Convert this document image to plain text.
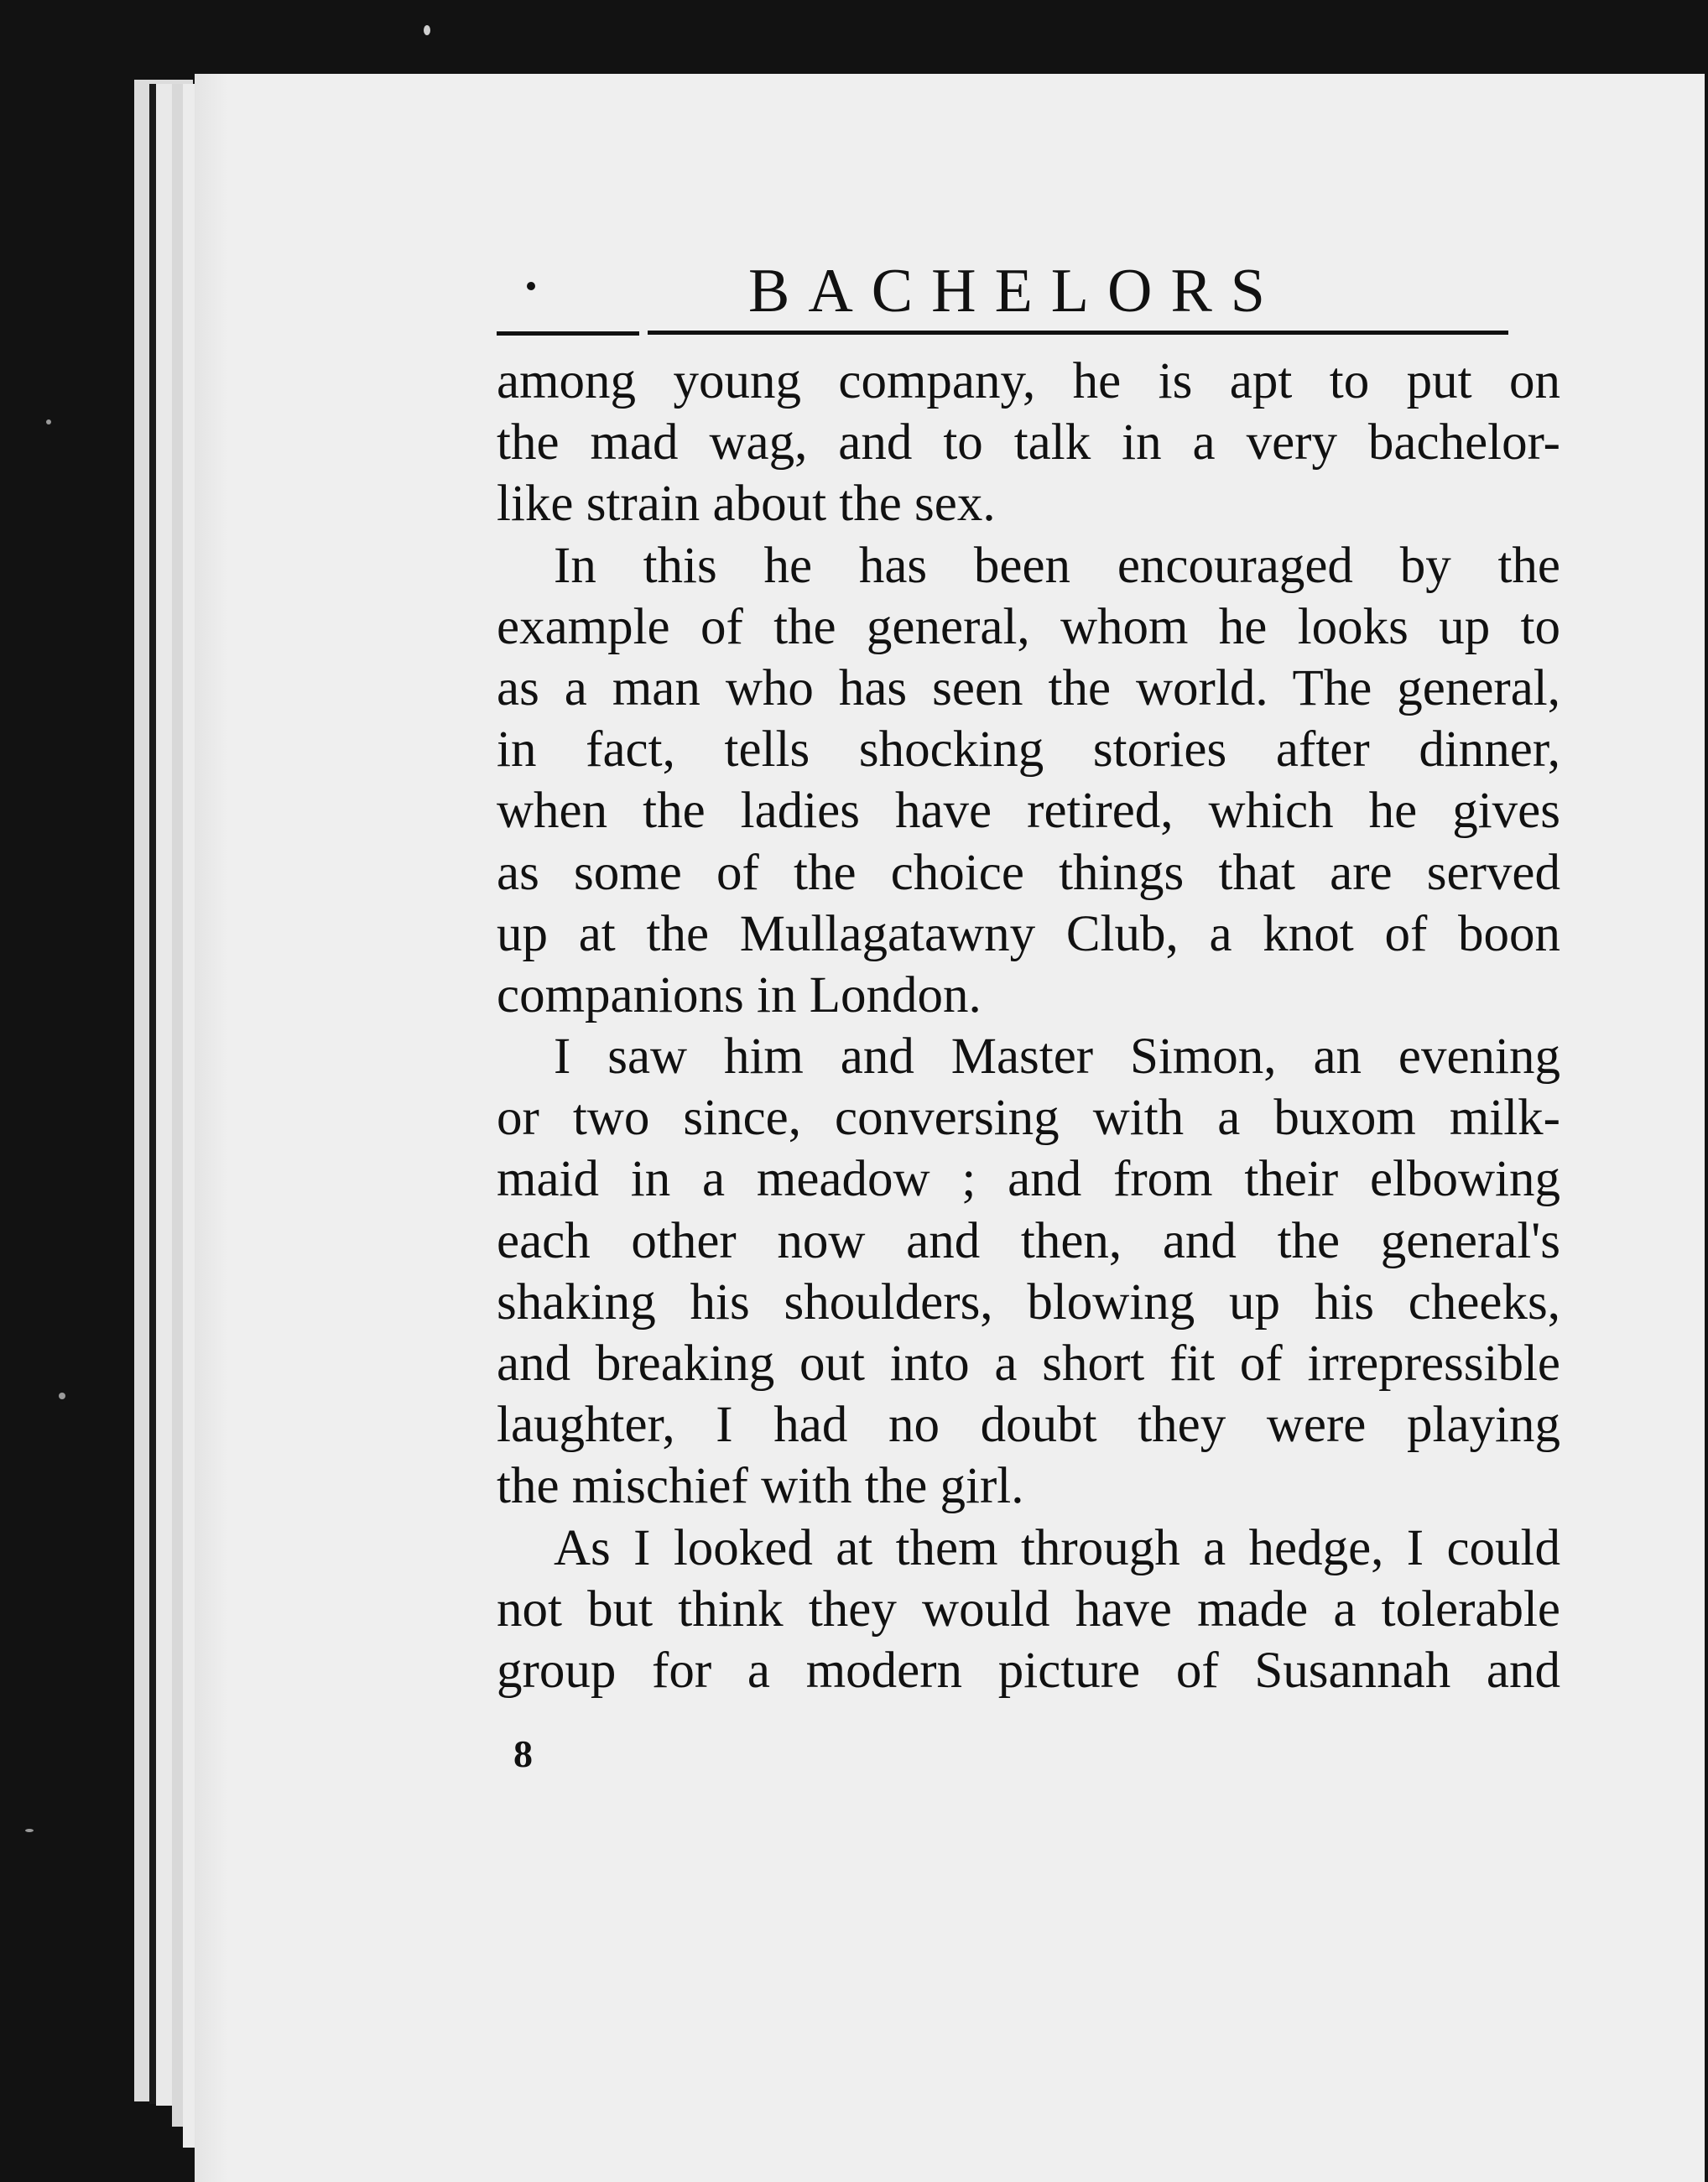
BACHELORS
among young company, he is apt to put on
the mad wag, and to talk in a very bachelor-
like strain about the sex.
In this he has been encouraged by the
example of the general, whom he looks up to
as a man who has seen the world. The general,
in fact, tells shocking stories after dinner,
when the ladies have retired, which he gives
as some of the choice things that are served
up at the Mullagatawny Club, a knot of boon
companions in London.
I saw him and Master Simon, an evening
or two since, conversing with a buxom milk-
maid in a meadow ; and from their elbowing
each other now and then, and the general's
shaking his shoulders, blowing up his cheeks,
and breaking out into a short fit of irrepressible
laughter, I had no doubt they were playing
the mischief with the girl.
As I looked at them through a hedge, I could
not but think they would have made a tolerable
group for a modern picture of Susannah and
8
